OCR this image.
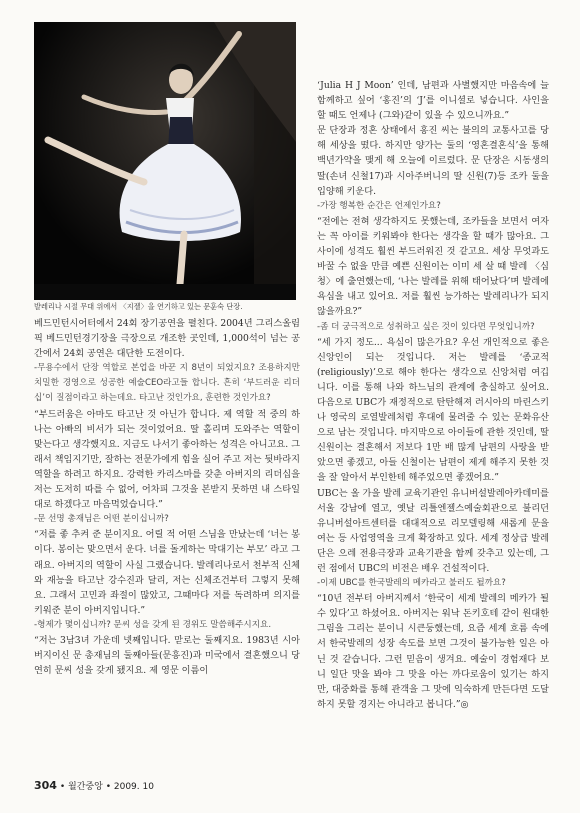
발레리나 시절 무대 위에서 〈지젤〉을 연기하고 있는 문훈숙 단장.

베드민턴시어터에서 24회 장기공연을 펼친다. 2004년 그리스올림픽 베드민턴경기장을 극장으로 개조한 곳인데, 1,000석이 넘는 공간에서 24회 공연은 대단한 도전이다.

-무용수에서 단장 역할로 본업을 바꾼 지 8년이 되었지요? 조용하지만 치밀한 경영으로 성공한 예술CEO라고들 합니다. 흔히 ‘부드러운 리더십’이 질점이라고 하는데요. 타고난 것인가요, 훈련한 것인가요?

“부드러움은 아마도 타고난 것 아닌가 합니다. 제 역할 적 중의 하나는 아빠의 비서가 되는 것이었어요. 딸 홀리며 도와주는 역할이 맞는다고 생각했지요. 지금도 나서기 좋아하는 성격은 아니고요. 그래서 책임지기만, 잘하는 전문가에게 힘을 실어 주고 저는 뒷바라지 역할을 하려고 하지요. 강력한 카리스마를 갖춘 아버지의 리더십을 저는 도저히 따를 수 없어, 어차피 그것을 본받지 못하면 내 스타일대로 하겠다고 마음먹었습니다.”

-문 선명 총재님은 어떤 분이십니까?

“저를 좋 추켜 준 분이지요. 어릴 적 어떤 스님을 만났는데 ‘너는 봉이다. 봉이는 맞으면서 운다. 너를 돌게하는 막대기는 부모’ 라고 그래요. 아버지의 역할이 사실 그랬습니다. 발레리나로서 천부적 신체와 재능을 타고난 강수진과 달리, 저는 신체조건부터 그렇지 못해요. 그래서 고민과 좌절이 많았고, 그때마다 저를 독려하며 의지를 키워준 분이 아버지입니다.”

-형제가 몇이십니까? 문씨 성을 갖게 된 경위도 말씀해주시지요.

“저는 3남3녀 가운데 넷째입니다. 맏로는 둘째지요. 1983년 시아버지이신 문 총재님의 둘째아들(문흥진)과 미국에서 결혼했으니 당연히 문씨 성을 갖게 됐지요. 제 영문 이름이

‘Julia H J Moon’ 인데, 남편과 사별했지만 마음속에 늘 함께하고 싶어 ‘홍진’의 ‘J’를 이니셜로 넣습니다. 사인을 할 때도 언제나 (그와)같이 있을 수 있으니까요.”

문 단장과 정혼 상태에서 홍진 씨는 불의의 교통사고를 당해 세상을 떴다. 하지만 양가는 둘의 ‘영혼결혼식’을 통해 백년가약을 맺게 해 오늘에 이르렀다. 문 단장은 시동생의 딸(손녀 신철17)과 시아주버니의 딸 신원(7)등 조카 둘을 입양해 키운다.

-가장 행복한 순간은 언제인가요?

“전에는 전혀 생각하지도 못했는데, 조카들을 보면서 여자는 꼭 아이를 키워봐야 한다는 생각을 할 때가 많아요. 그 사이에 성격도 훨씬 부드러워진 것 같고요. 세상 무엇과도 바꿀 수 없을 만큼 예쁜 신원이는 이미 세 살 때 발레 〈심청〉에 출연했는데, ‘나는 발레를 위해 태어났다’며 발레에 욕심을 내고 있어요. 저를 훨씬 능가하는 발레리나가 되지 않을까요?”

-좀 더 궁극적으로 성취하고 싶은 것이 있다면 무엇입니까?

“세 가지 정도... 욕심이 많은가요? 우선 개인적으로 좋은 신앙인이 되는 것입니다. 저는 발레를 ‘종교적(religiously)’으로 해야 한다는 생각으로 신앙처럼 여깁니다. 이를 통해 나와 하느님의 관계에 충실하고 싶어요. 다음으로 UBC가 재정적으로 탄탄해져 러시아의 마린스키나 영국의 로열발레처럼 후대에 물려줄 수 있는 문화유산으로 남는 것입니다. 마지막으로 아이들에 관한 것인데, 딸 신원이는 결혼해서 저보다 1만 배 많게 남편의 사랑을 받았으면 좋겠고, 아들 신철이는 남편이 제게 해주지 못한 것을 잘 알아서 부인한테 해주었으면 좋겠어요.”

UBC는 올 가을 발레 교육기관인 유니버설발레아카데미를 서울 강남에 열고, 옛날 리틀엔젤스예술회관으로 불리던 유니버설아트센터를 대대적으로 리모델링해 새롭게 문을 여는 등 사업영역을 크게 확장하고 있다. 세계 정상급 발레단은 으레 전용극장과 교육기관을 함께 갖추고 있는데, 그런 점에서 UBC의 비전은 배우 건설적이다.

-이제 UBC를 한국발레의 메카라고 불러도 될까요?

“10년 전부터 아버지께서 ‘한국이 세계 발레의 메카가 될 수 있다’고 하셨어요. 아버지는 워낙 돈키호테 같이 원대한 그림을 그리는 분이니 시큰둥했는데, 요즘 세계 흐름 속에서 한국발레의 성장 속도를 보면 그것이 불가능한 일은 아닌 것 같습니다. 그런 믿음이 생겨요. 예술이 경험재다 보니 일단 맛을 봐야 그 맛을 아는 까다로움이 있기는 하지만, 대중화를 통해 관객을 그 맛에 익숙하게 만든다면 도달하지 못할 경지는 아니라고 봅니다.”◎

304 • 월간중앙 • 2009. 10
